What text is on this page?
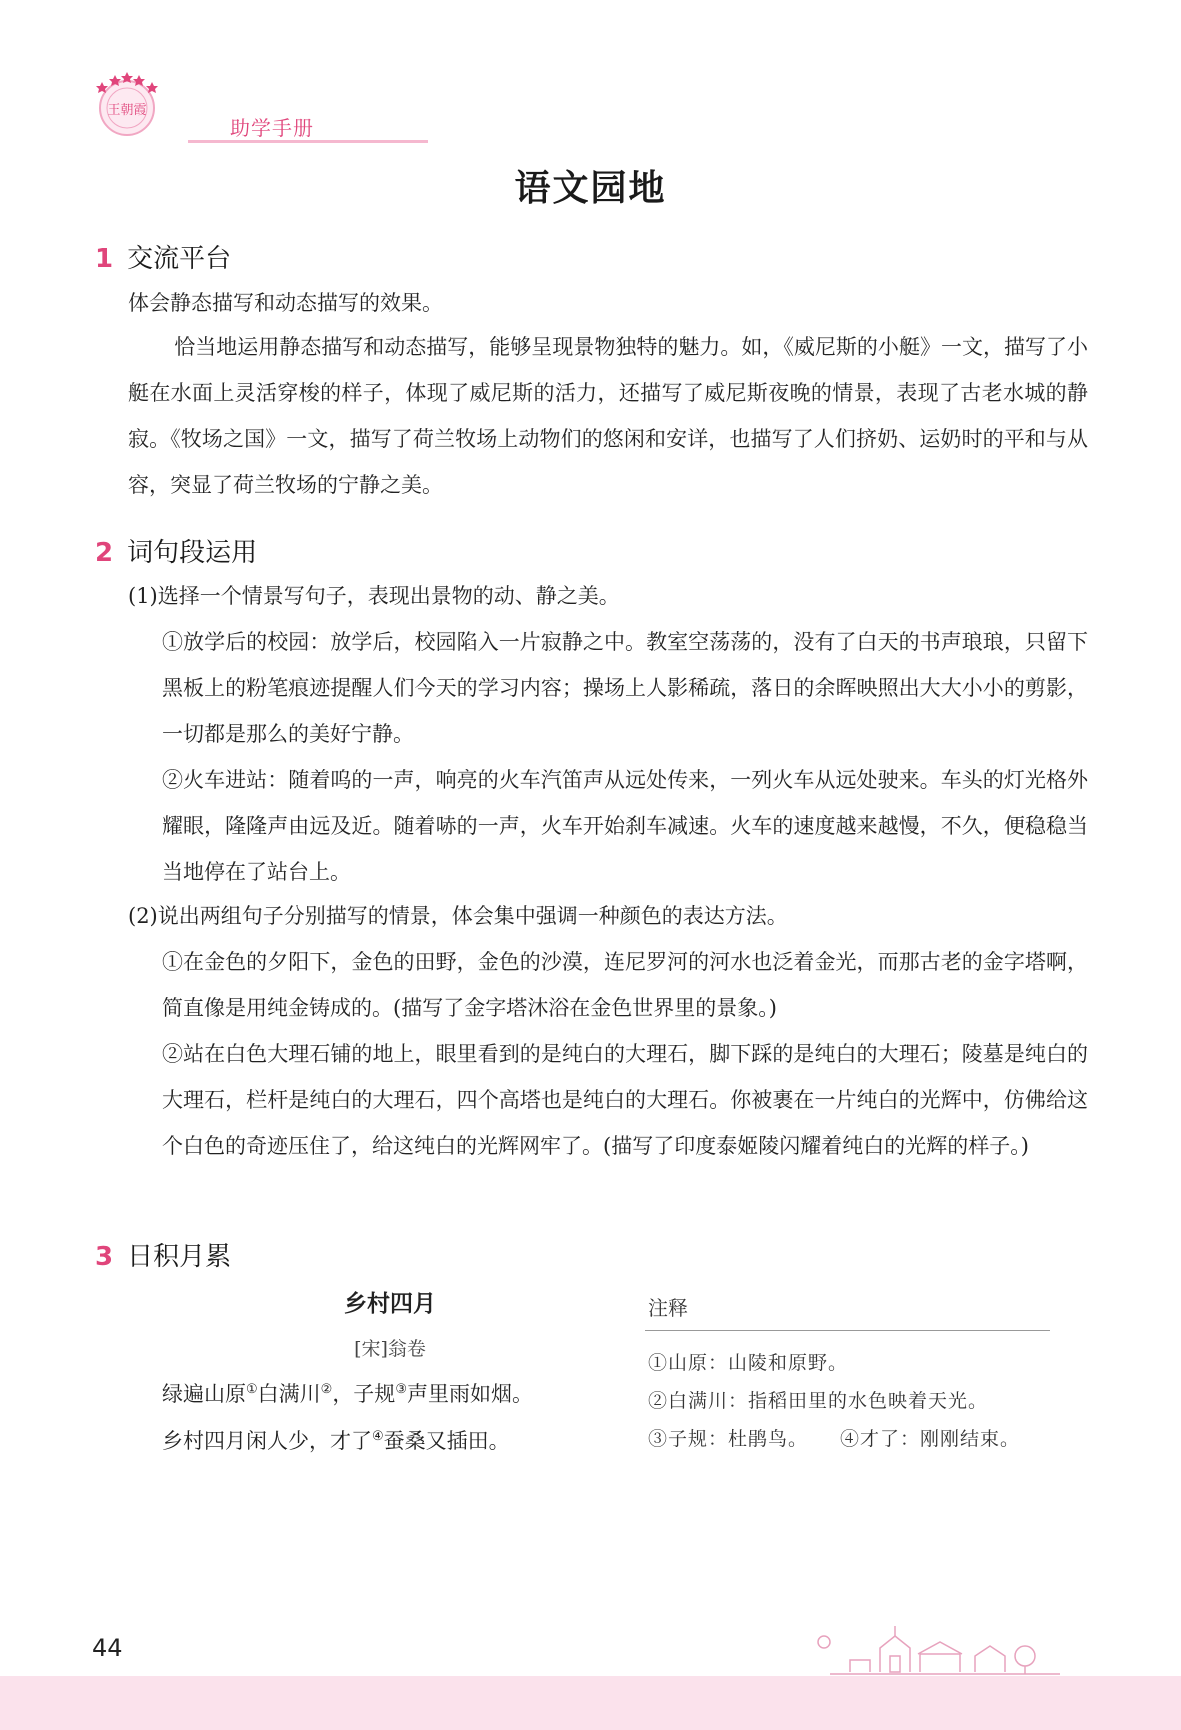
王朝霞
助学手册
语文园地
1 交流平台
体会静态描写和动态描写的效果。
恰当地运用静态描写和动态描写，能够呈现景物独特的魅力。如，《威尼斯的小艇》一文，描写了小艇在水面上灵活穿梭的样子，体现了威尼斯的活力，还描写了威尼斯夜晚的情景，表现了古老水城的静寂。《牧场之国》一文，描写了荷兰牧场上动物们的悠闲和安详，也描写了人们挤奶、运奶时的平和与从容，突显了荷兰牧场的宁静之美。
2 词句段运用
(1)选择一个情景写句子，表现出景物的动、静之美。
①放学后的校园：放学后，校园陷入一片寂静之中。教室空荡荡的，没有了白天的书声琅琅，只留下黑板上的粉笔痕迹提醒人们今天的学习内容；操场上人影稀疏，落日的余晖映照出大大小小的剪影，一切都是那么的美好宁静。
②火车进站：随着呜的一声，响亮的火车汽笛声从远处传来，一列火车从远处驶来。车头的灯光格外耀眼，隆隆声由远及近。随着哧的一声，火车开始刹车减速。火车的速度越来越慢，不久，便稳稳当当地停在了站台上。
(2)说出两组句子分别描写的情景，体会集中强调一种颜色的表达方法。
①在金色的夕阳下，金色的田野，金色的沙漠，连尼罗河的河水也泛着金光，而那古老的金字塔啊，简直像是用纯金铸成的。(描写了金字塔沐浴在金色世界里的景象。)
②站在白色大理石铺的地上，眼里看到的是纯白的大理石，脚下踩的是纯白的大理石；陵墓是纯白的大理石，栏杆是纯白的大理石，四个高塔也是纯白的大理石。你被裹在一片纯白的光辉中，仿佛给这个白色的奇迹压住了，给这纯白的光辉网牢了。(描写了印度泰姬陵闪耀着纯白的光辉的样子。)
3 日积月累
乡村四月
[宋]翁卷
绿遍山原①白满川②，子规③声里雨如烟。
乡村四月闲人少，才了④蚕桑又插田。
注释
①山原：山陵和原野。
②白满川：指稻田里的水色映着天光。
③子规：杜鹃鸟。 ④才了：刚刚结束。
44
